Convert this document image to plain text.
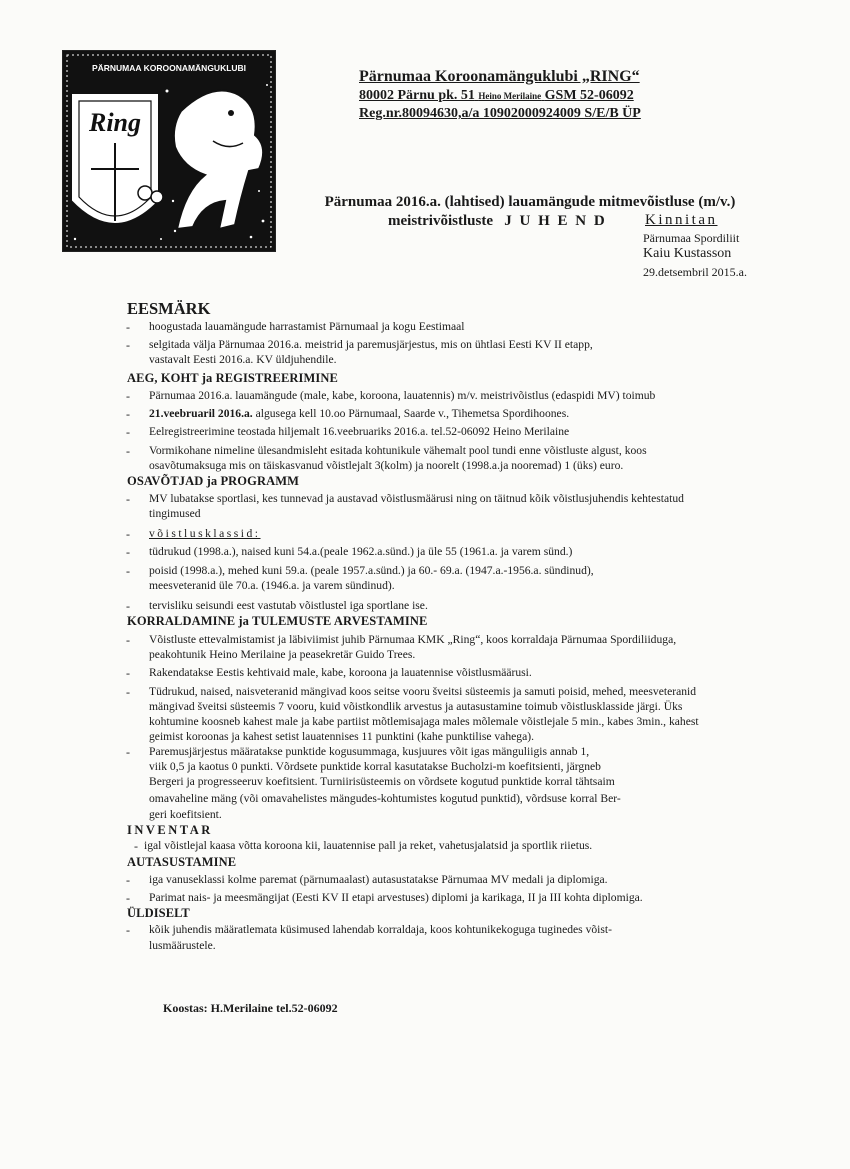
PÄRNUMAA KOROONAMÄNGUKLUBI
Ring
Pärnumaa Koroonamänguklubi „RING“
80002 Pärnu pk. 51 Heino Merilaine GSM 52-06092
Reg.nr.80094630,a/a 10902000924009 S/E/B ÜP
Pärnumaa 2016.a. (lahtised) lauamängude mitmevõistluse (m/v.)
meistrivõistluste J U H E N D	Kinnitan
Pärnumaa Spordiliit
Kaiu Kustasson
29.detsembril 2015.a.
EESMÄRK
- hoogustada lauamängude harrastamist Pärnumaal ja kogu Eestimaal
- selgitada välja Pärnumaa 2016.a. meistrid ja paremusjärjestus, mis on ühtlasi Eesti KV II etapp,
vastavalt Eesti 2016.a. KV üldjuhendile.
AEG, KOHT ja REGISTREERIMINE
- Pärnumaa 2016.a. lauamängude (male, kabe, koroona, lauatennis) m/v. meistrivõistlus (edaspidi MV) toimub
- 21.veebruaril 2016.a. algusega kell 10.oo Pärnumaal, Saarde v., Tihemetsa Spordihoones.
- Eelregistreerimine teostada hiljemalt 16.veebruariks 2016.a. tel.52-06092 Heino Merilaine
- Vormikohane nimeline ülesandmisleht esitada kohtunikule vähemalt pool tundi enne võistluste algust, koos
osavõtumaksuga mis on täiskasvanud võistlejalt 3(kolm) ja noorelt (1998.a.ja nooremad) 1 (üks) euro.
OSAVÕTJAD ja PROGRAMM
- MV lubatakse sportlasi, kes tunnevad ja austavad võistlusmäärusi ning on täitnud kõik võistlusjuhendis kehtestatud
tingimused
- võistlusklassid:
- tüdrukud (1998.a.), naised kuni 54.a.(peale 1962.a.sünd.) ja üle 55 (1961.a. ja varem sünd.)
- poisid (1998.a.), mehed kuni 59.a. (peale 1957.a.sünd.) ja 60.- 69.a. (1947.a.-1956.a. sündinud),
meesveteranid üle 70.a. (1946.a. ja varem sündinud).
- tervisliku seisundi eest vastutab võistlustel iga sportlane ise.
KORRALDAMINE ja TULEMUSTE ARVESTAMINE
- Võistluste ettevalmistamist ja läbiviimist juhib Pärnumaa KMK „Ring“, koos korraldaja Pärnumaa Spordiliiduga,
peakohtunik Heino Merilaine ja peasekretär Guido Trees.
- Rakendatakse Eestis kehtivaid male, kabe, koroona ja lauatennise võistlusmäärusi.
- Tüdrukud, naised, naisveteranid mängivad koos seitse vooru šveitsi süsteemis ja samuti poisid, mehed, meesveteranid
mängivad šveitsi süsteemis 7 vooru, kuid võistkondlik arvestus ja autasustamine toimub võistlusklasside järgi. Üks
kohtumine koosneb kahest male ja kabe partiist mõtlemisajaga males mõlemale võistlejale 5 min., kabes 3min., kahest
geimist koroonas ja kahest setist lauatennises 11 punktini (kahe punktilise vahega).
- Paremusjärjestus määratakse punktide kogusummaga, kusjuures võit igas mänguliigis annab 1,
viik 0,5 ja kaotus 0 punkti. Võrdsete punktide korral kasutatakse Bucholzi-m koefitsienti, järgneb
Bergeri ja progresseeruv koefitsient. Turniirisüsteemis on võrdsete kogutud punktide korral tähtsaim
omavaheline mäng (või omavahelistes mängudes-kohtumistes kogutud punktid), võrdsuse korral Ber-
geri koefitsient.
INVENTAR
- igal võistlejal kaasa võtta koroona kii, lauatennise pall ja reket, vahetusjalatsid ja sportlik riietus.
AUTASUSTAMINE
- iga vanuseklassi kolme paremat (pärnumaalast) autasustatakse Pärnumaa MV medali ja diplomiga.
- Parimat nais- ja meesmängijat (Eesti KV II etapi arvestuses) diplomi ja karikaga, II ja III kohta diplomiga.
ÜLDISELT
- kõik juhendis määratlemata küsimused lahendab korraldaja, koos kohtunikekoguga tuginedes võist-
lusmäärustele.
Koostas: H.Merilaine tel.52-06092
